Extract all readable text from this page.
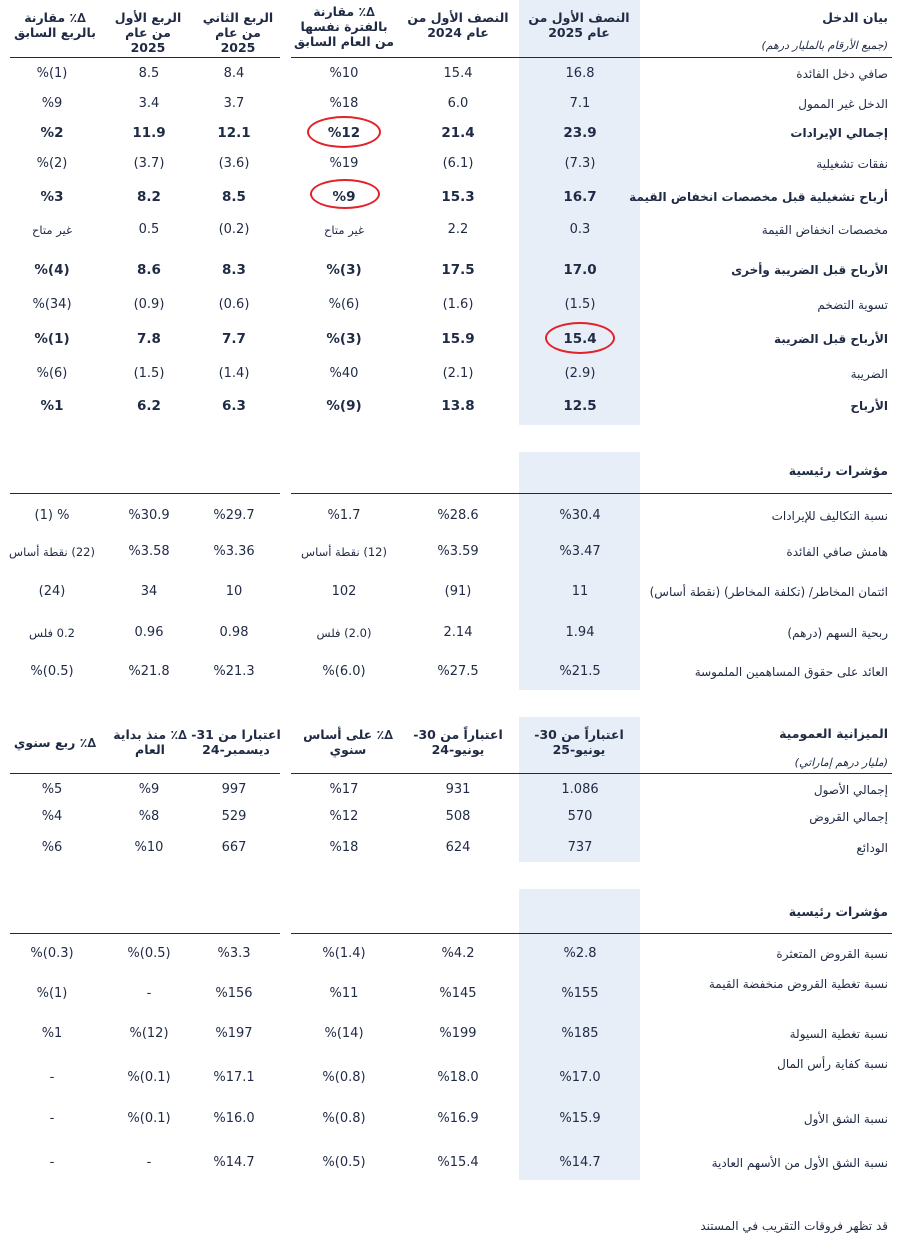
بيان الدخل
(جميع الأرقام بالمليار درهم)
النصف الأول من عام 2025
النصف الأول من عام 2024
∆٪ مقارنة بالفترة نفسها من العام السابق
الربع الثاني من عام 2025
الربع الأول من عام 2025
∆٪ مقارنة بالربع السابق
صافي دخل الفائدة
16.8
15.4
%10
8.4
8.5
%(1)
الدخل غير الممول
7.1
6.0
%18
3.7
3.4
%9
إجمالي الإيرادات
23.9
21.4
%12
12.1
11.9
%2
نفقات تشغيلية
(7.3)
(6.1)
%19
(3.6)
(3.7)
%(2)
أرباح تشغيلية قبل مخصصات انخفاض القيمة
16.7
15.3
%9
8.5
8.2
%3
مخصصات انخفاض القيمة
0.3
2.2
غير متاح
(0.2)
0.5
غير متاح
الأرباح قبل الضريبة وأخرى
17.0
17.5
%(3)
8.3
8.6
%(4)
تسوية التضخم
(1.5)
(1.6)
%(6)
(0.6)
(0.9)
%(34)
الأرباح قبل الضريبة
15.4
15.9
%(3)
7.7
7.8
%(1)
الضريبة
(2.9)
(2.1)
%40
(1.4)
(1.5)
%(6)
الأرباح
12.5
13.8
%(9)
6.3
6.2
%1
مؤشرات رئيسية
نسبة التكاليف للإيرادات
%30.4
%28.6
%1.7
%29.7
%30.9
(1) %
هامش صافي الفائدة
%3.47
%3.59
(12) نقطة أساس
%3.36
%3.58
(22) نقطة أساس
ائتمان المخاطر/ (تكلفة المخاطر) (نقطة أساس)
11
(91)
102
10
34
(24)
ربحية السهم (درهم)
1.94
2.14
(2.0) فلس
0.98
0.96
0.2 فلس
العائد على حقوق المساهمين الملموسة
%21.5
%27.5
%(6.0)
%21.3
%21.8
%(0.5)
الميزانية العمومية
(مليار درهم إماراتي)
اعتباراً من 30-يونيو-25
اعتباراً من 30-يونيو-24
∆٪ على أساس سنوي
اعتبارا من 31-ديسمبر-24
∆٪ منذ بداية العام
∆٪ ربع سنوي
إجمالي الأصول
1.086
931
%17
997
%9
%5
إجمالي القروض
570
508
%12
529
%8
%4
الودائع
737
624
%18
667
%10
%6
مؤشرات رئيسية
نسبة القروض المتعثرة
%2.8
%4.2
%(1.4)
%3.3
%(0.5)
%(0.3)
نسبة تغطية القروض منخفضة القيمة
%155
%145
%11
%156
-
%(1)
نسبة تغطية السيولة
%185
%199
%(14)
%197
%(12)
%1
نسبة كفاية رأس المال
%17.0
%18.0
%(0.8)
%17.1
%(0.1)
-
نسبة الشق الأول
%15.9
%16.9
%(0.8)
%16.0
%(0.1)
-
نسبة الشق الأول من الأسهم العادية
%14.7
%15.4
%(0.5)
%14.7
-
-
قد تظهر فروقات التقريب في المستند
